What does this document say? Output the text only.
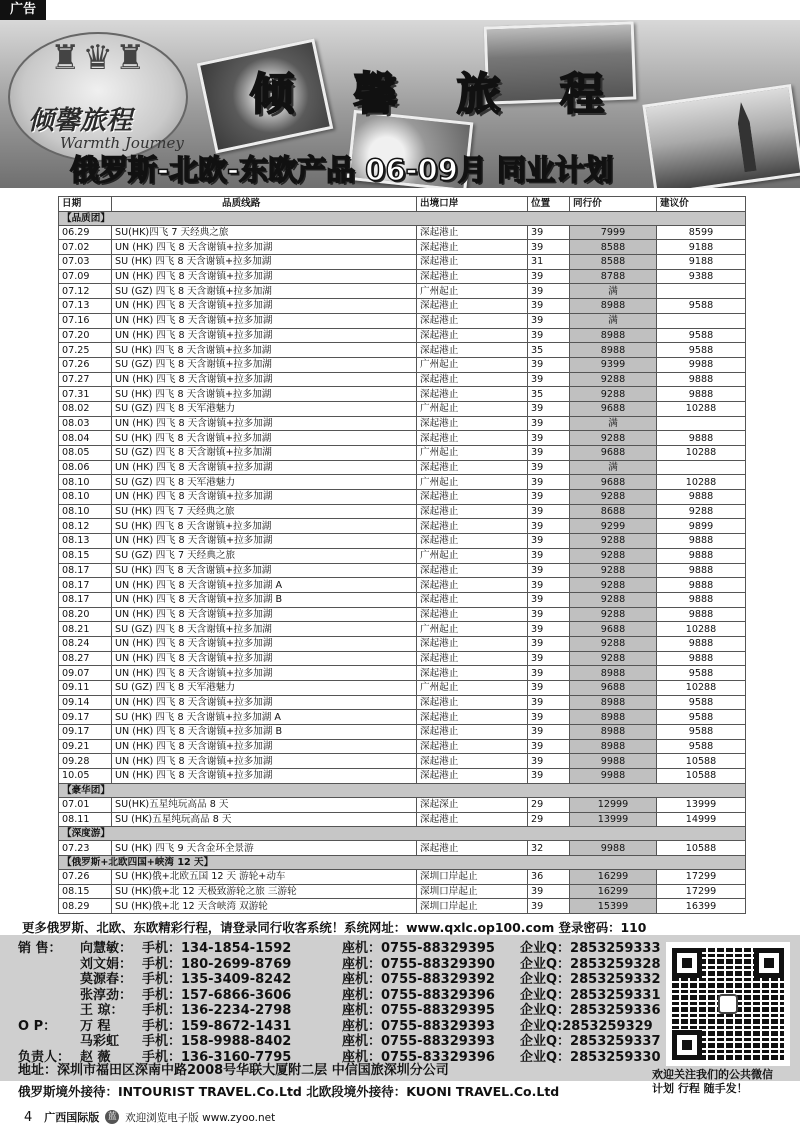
广告
♜♛♜
倾馨旅程
Warmth Journey
倾 馨 旅 程
俄罗斯-北欧-东欧产品 06-09月 同业计划
日期	品质线路	出境口岸	位置	同行价	建议价
【品质团】					
06.29	SU(HK)四飞 7 天经典之旅	深起港止	39	7999	8599
07.02	UN (HK) 四飞 8 天含谢镇+拉多加湖	深起港止	39	8588	9188
07.03	SU (HK) 四飞 8 天含谢镇+拉多加湖	深起港止	31	8588	9188
07.09	UN (HK) 四飞 8 天含谢镇+拉多加湖	深起港止	39	8788	9388
07.12	SU (GZ) 四飞 8 天含谢镇+拉多加湖	广州起止	39	满	
07.13	UN (HK) 四飞 8 天含谢镇+拉多加湖	深起港止	39	8988	9588
07.16	UN (HK) 四飞 8 天含谢镇+拉多加湖	深起港止	39	满	
07.20	UN (HK) 四飞 8 天含谢镇+拉多加湖	深起港止	39	8988	9588
07.25	SU (HK) 四飞 8 天含谢镇+拉多加湖	深起港止	35	8988	9588
07.26	SU (GZ) 四飞 8 天含谢镇+拉多加湖	广州起止	39	9399	9988
07.27	UN (HK) 四飞 8 天含谢镇+拉多加湖	深起港止	39	9288	9888
07.31	SU (HK) 四飞 8 天含谢镇+拉多加湖	深起港止	35	9288	9888
08.02	SU (GZ) 四飞 8 天军港魅力	广州起止	39	9688	10288
08.03	UN (HK) 四飞 8 天含谢镇+拉多加湖	深起港止	39	满	
08.04	SU (HK) 四飞 8 天含谢镇+拉多加湖	深起港止	39	9288	9888
08.05	SU (GZ) 四飞 8 天含谢镇+拉多加湖	广州起止	39	9688	10288
08.06	UN (HK) 四飞 8 天含谢镇+拉多加湖	深起港止	39	满	
08.10	SU (GZ) 四飞 8 天军港魅力	广州起止	39	9688	10288
08.10	UN (HK) 四飞 8 天含谢镇+拉多加湖	深起港止	39	9288	9888
08.10	SU (HK) 四飞 7 天经典之旅	深起港止	39	8688	9288
08.12	SU (HK) 四飞 8 天含谢镇+拉多加湖	深起港止	39	9299	9899
08.13	UN (HK) 四飞 8 天含谢镇+拉多加湖	深起港止	39	9288	9888
08.15	SU (GZ) 四飞 7 天经典之旅	广州起止	39	9288	9888
08.17	SU (HK) 四飞 8 天含谢镇+拉多加湖	深起港止	39	9288	9888
08.17	UN (HK) 四飞 8 天含谢镇+拉多加湖 A	深起港止	39	9288	9888
08.17	UN (HK) 四飞 8 天含谢镇+拉多加湖 B	深起港止	39	9288	9888
08.20	UN (HK) 四飞 8 天含谢镇+拉多加湖	深起港止	39	9288	9888
08.21	SU (GZ) 四飞 8 天含谢镇+拉多加湖	广州起止	39	9688	10288
08.24	UN (HK) 四飞 8 天含谢镇+拉多加湖	深起港止	39	9288	9888
08.27	UN (HK) 四飞 8 天含谢镇+拉多加湖	深起港止	39	9288	9888
09.07	UN (HK) 四飞 8 天含谢镇+拉多加湖	深起港止	39	8988	9588
09.11	SU (GZ) 四飞 8 天军港魅力	广州起止	39	9688	10288
09.14	UN (HK) 四飞 8 天含谢镇+拉多加湖	深起港止	39	8988	9588
09.17	SU (HK) 四飞 8 天含谢镇+拉多加湖 A	深起港止	39	8988	9588
09.17	UN (HK) 四飞 8 天含谢镇+拉多加湖 B	深起港止	39	8988	9588
09.21	UN (HK) 四飞 8 天含谢镇+拉多加湖	深起港止	39	8988	9588
09.28	UN (HK) 四飞 8 天含谢镇+拉多加湖	深起港止	39	9988	10588
10.05	UN (HK) 四飞 8 天含谢镇+拉多加湖	深起港止	39	9988	10588
【豪华团】					
07.01	SU(HK)五星纯玩高品 8 天	深起深止	29	12999	13999
08.11	SU (HK)五星纯玩高品 8 天	深起港止	29	13999	14999
【深度游】					
07.23	SU (HK) 四飞 9 天含金环全景游	深起港止	32	9988	10588
【俄罗斯+北欧四国+峡湾 12 天】					
07.26	SU (HK)俄+北欧五国 12 天 游轮+动车	深圳口岸起止	36	16299	17299
08.15	SU (HK)俄+北 12 天极致游轮之旅 三游轮	深圳口岸起止	39	16299	17299
08.29	SU (HK)俄+北 12 天含峡湾 双游轮	深圳口岸起止	39	15399	16399
更多俄罗斯、北欧、东欧精彩行程，请登录同行收客系统！系统网址：www.qxlc.op100.com 登录密码：110
销 售：	向慧敏： 手机：134-1854-1592	座机：0755-88329395	企业Q：2853259333
刘文娟： 手机：180-2699-8769	座机：0755-88329390	企业Q：2853259328
莫源春： 手机：135-3409-8242	座机：0755-88329392	企业Q：2853259332
张淳劲： 手机：157-6866-3606	座机：0755-88329396	企业Q：2853259331
王 琼：	手机：136-2234-2798	座机：0755-88329395	企业Q：2853259336
O P：	万 程	手机：159-8672-1431	座机：0755-88329393	企业Q:2853259329
马彩虹	手机：158-9988-8402	座机：0755-88329393	企业Q：2853259337
负责人： 赵 薇	手机：136-3160-7795	座机：0755-83329396	企业Q：2853259330
地址：深圳市福田区深南中路2008号华联大厦附二层 中信国旅深圳分公司
俄罗斯境外接待：INTOURIST TRAVEL.Co.Ltd 北欧段境外接待：KUONI TRAVEL.Co.Ltd
欢迎关注我们的公共微信
计划 行程 随手发！
4 广西国际版 蓝 欢迎浏览电子版 www.zyoo.net
